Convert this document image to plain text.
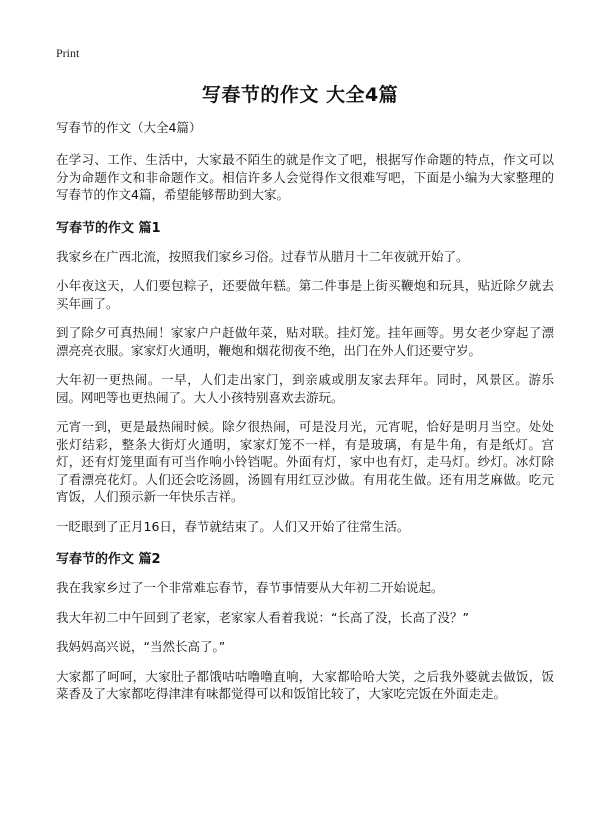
Print
写春节的作文 大全4篇
写春节的作文（大全4篇）

在学习、工作、生活中，大家最不陌生的就是作文了吧，根据写作命题的特点，作文可以分为命题作文和非命题作文。相信许多人会觉得作文很难写吧，下面是小编为大家整理的写春节的作文4篇，希望能够帮助到大家。

写春节的作文 篇1

我家乡在广西北流，按照我们家乡习俗。过春节从腊月十二年夜就开始了。

小年夜这天，人们要包粽子，还要做年糕。第二件事是上街买鞭炮和玩具，贴近除夕就去买年画了。

到了除夕可真热闹！家家户户赶做年菜，贴对联。挂灯笼。挂年画等。男女老少穿起了漂漂亮亮衣服。家家灯火通明，鞭炮和烟花彻夜不绝，出门在外人们还要守岁。

大年初一更热闹。一早，人们走出家门，到亲戚或朋友家去拜年。同时，风景区。游乐园。网吧等也更热闹了。大人小孩特别喜欢去游玩。

元宵一到，更是最热闹时候。除夕很热闹，可是没月光，元宵呢，恰好是明月当空。处处张灯结彩，整条大街灯火通明，家家灯笼不一样，有是玻璃，有是牛角，有是纸灯。宫灯，还有灯笼里面有可当作响小铃铛呢。外面有灯，家中也有灯，走马灯。纱灯。冰灯除了看漂亮花灯。人们还会吃汤圆，汤圆有用红豆沙做。有用花生做。还有用芝麻做。吃元宵饭，人们预示新一年快乐吉祥。

一眨眼到了正月16日，春节就结束了。人们又开始了往常生活。

写春节的作文 篇2

我在我家乡过了一个非常难忘春节，春节事情要从大年初二开始说起。

我大年初二中午回到了老家，老家家人看着我说：“长高了没，长高了没？”

我妈妈高兴说，“当然长高了。”

大家都了呵呵，大家肚子都饿咕咕噜噜直响，大家都哈哈大笑，之后我外婆就去做饭，饭菜香及了大家都吃得津津有味都觉得可以和饭馆比较了，大家吃完饭在外面走走。
